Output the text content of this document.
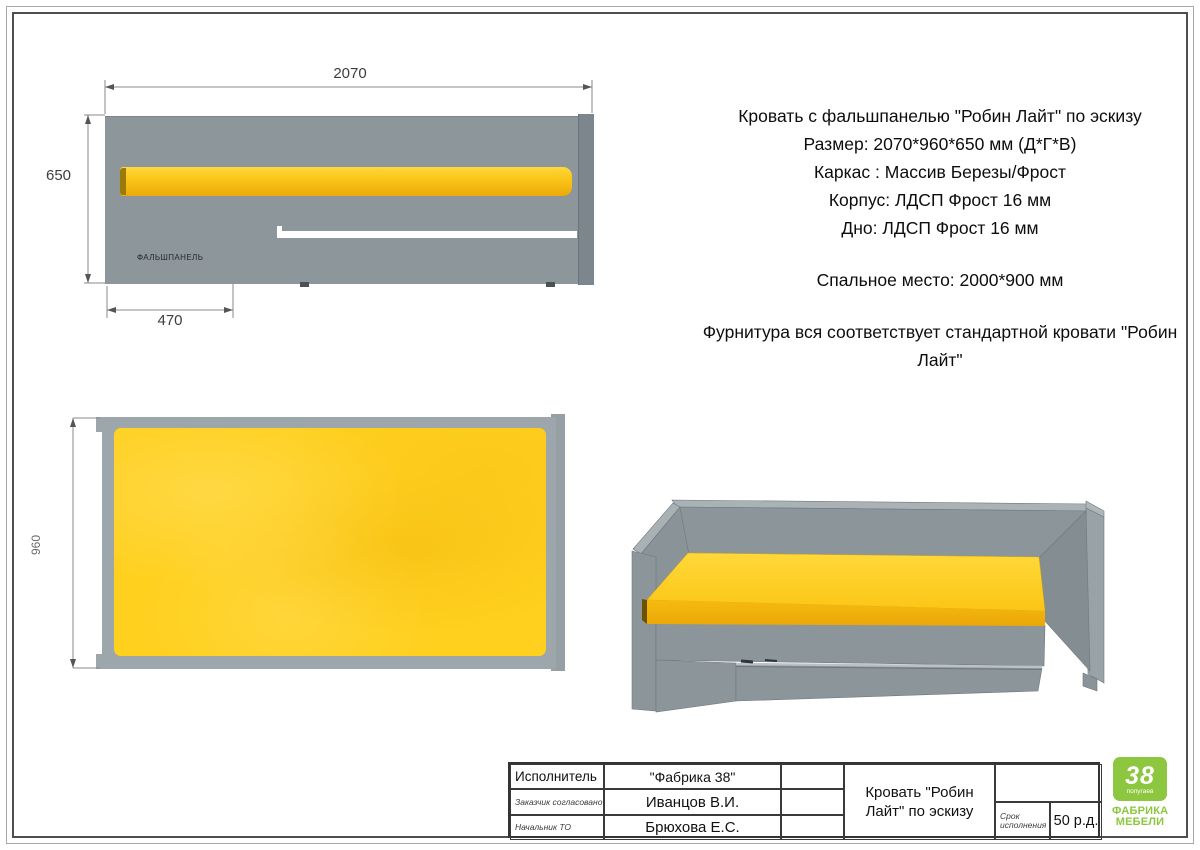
ФАЛЬШПАНЕЛЬ
2070
650
470
960
Кровать с фальшпанелью "Робин Лайт" по эскизу
Размер: 2070*960*650 мм (Д*Г*В)
Каркас : Массив Березы/Фрост
Корпус: ЛДСП Фрост 16 мм
Дно: ЛДСП Фрост 16 мм
Спальное место: 2000*900 мм
Фурнитура вся соответствует стандартной кровати "Робин Лайт"
Исполнитель
Заказчик согласовано
Начальник ТО
"Фабрика 38"
Иванцов В.И.
Брюхова Е.С.
Кровать "Робин Лайт" по эскизу	Срок исполнения 50 р.д.
38
попугаев
ФАБРИКА
МЕБЕЛИ
